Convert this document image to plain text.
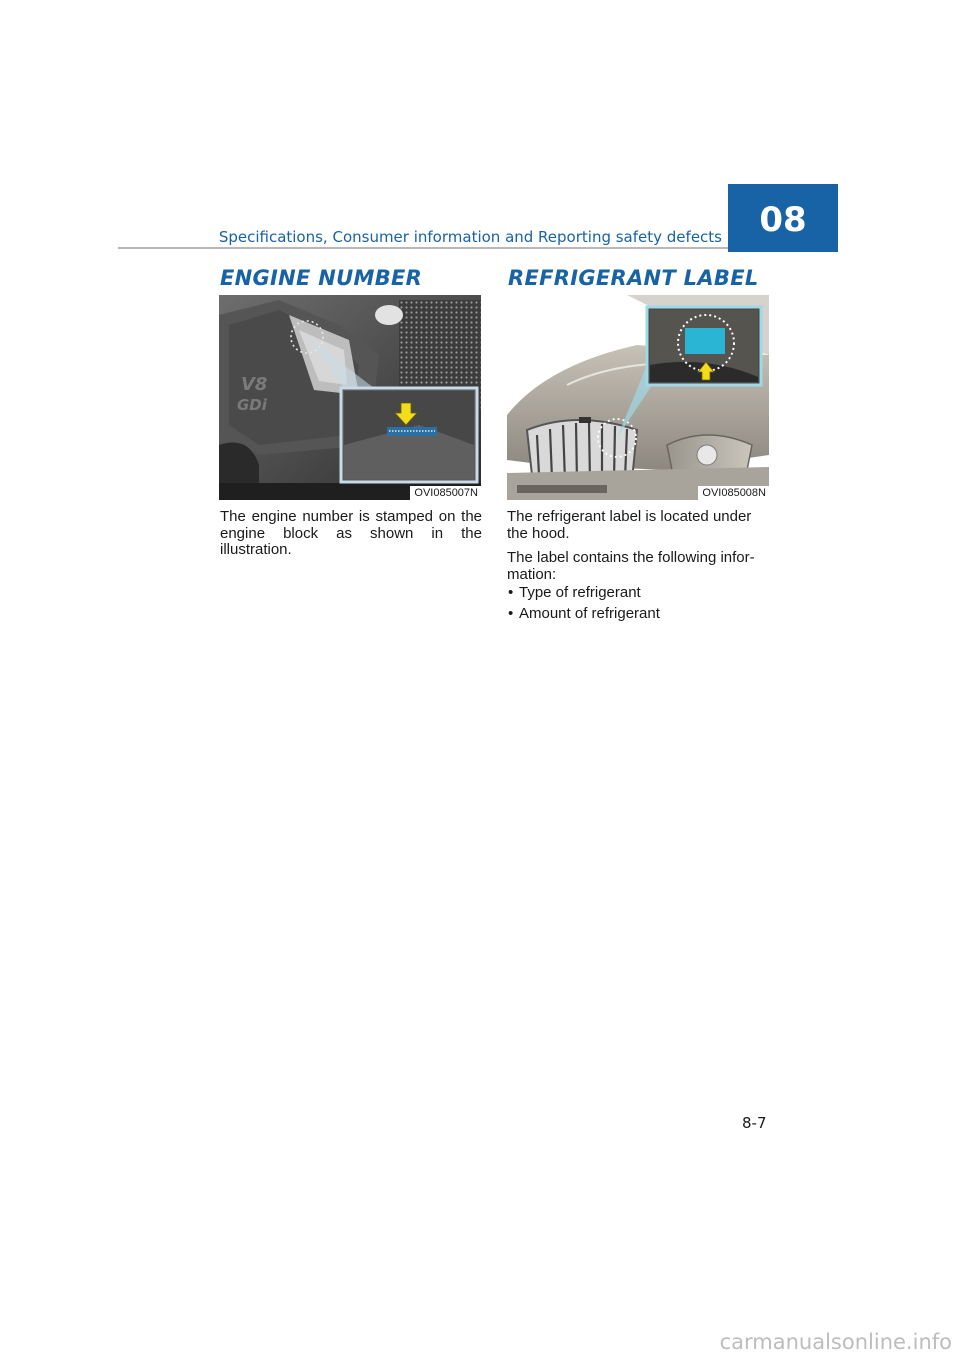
Specifications, Consumer information and Reporting safety defects	08
ENGINE NUMBER
V8
GDi
OVI085007N
The engine number is stamped on the engine block as shown in the illustration.
REFRIGERANT LABEL
OVI085008N
The refrigerant label is located under the hood.
The label contains the following infor-mation:
• Type of refrigerant
• Amount of refrigerant
8-7
carmanualsonline.info
